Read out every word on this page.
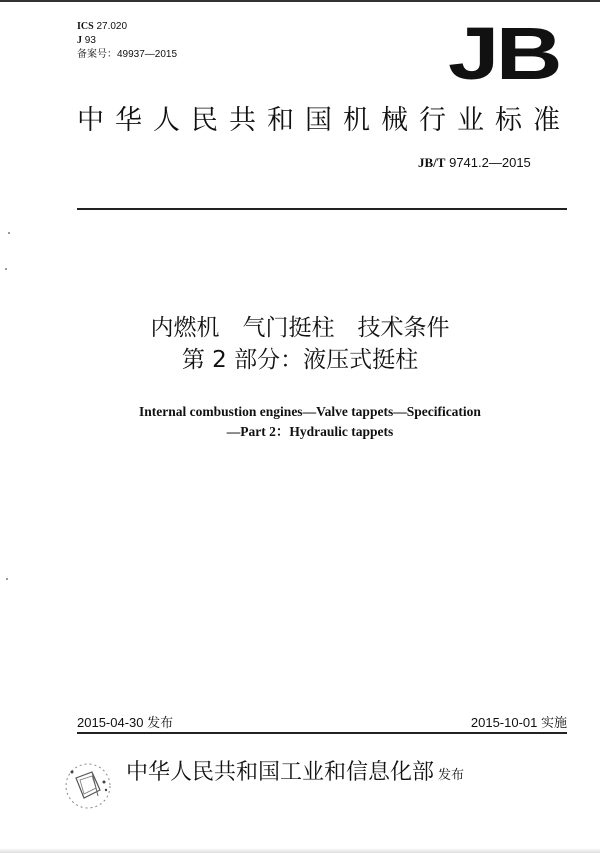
ICS 27.020
J 93
备案号：49937—2015	JB
中华人民共和国机械行业标准
JB/T 9741.2—2015
内燃机　气门挺柱　技术条件
第 2 部分：液压式挺柱
Internal combustion engines—Valve tappets—Specification
—Part 2：Hydraulic tappets
2015-04-30 发布	2015-10-01 实施
中华人民共和国工业和信息化部 发布
